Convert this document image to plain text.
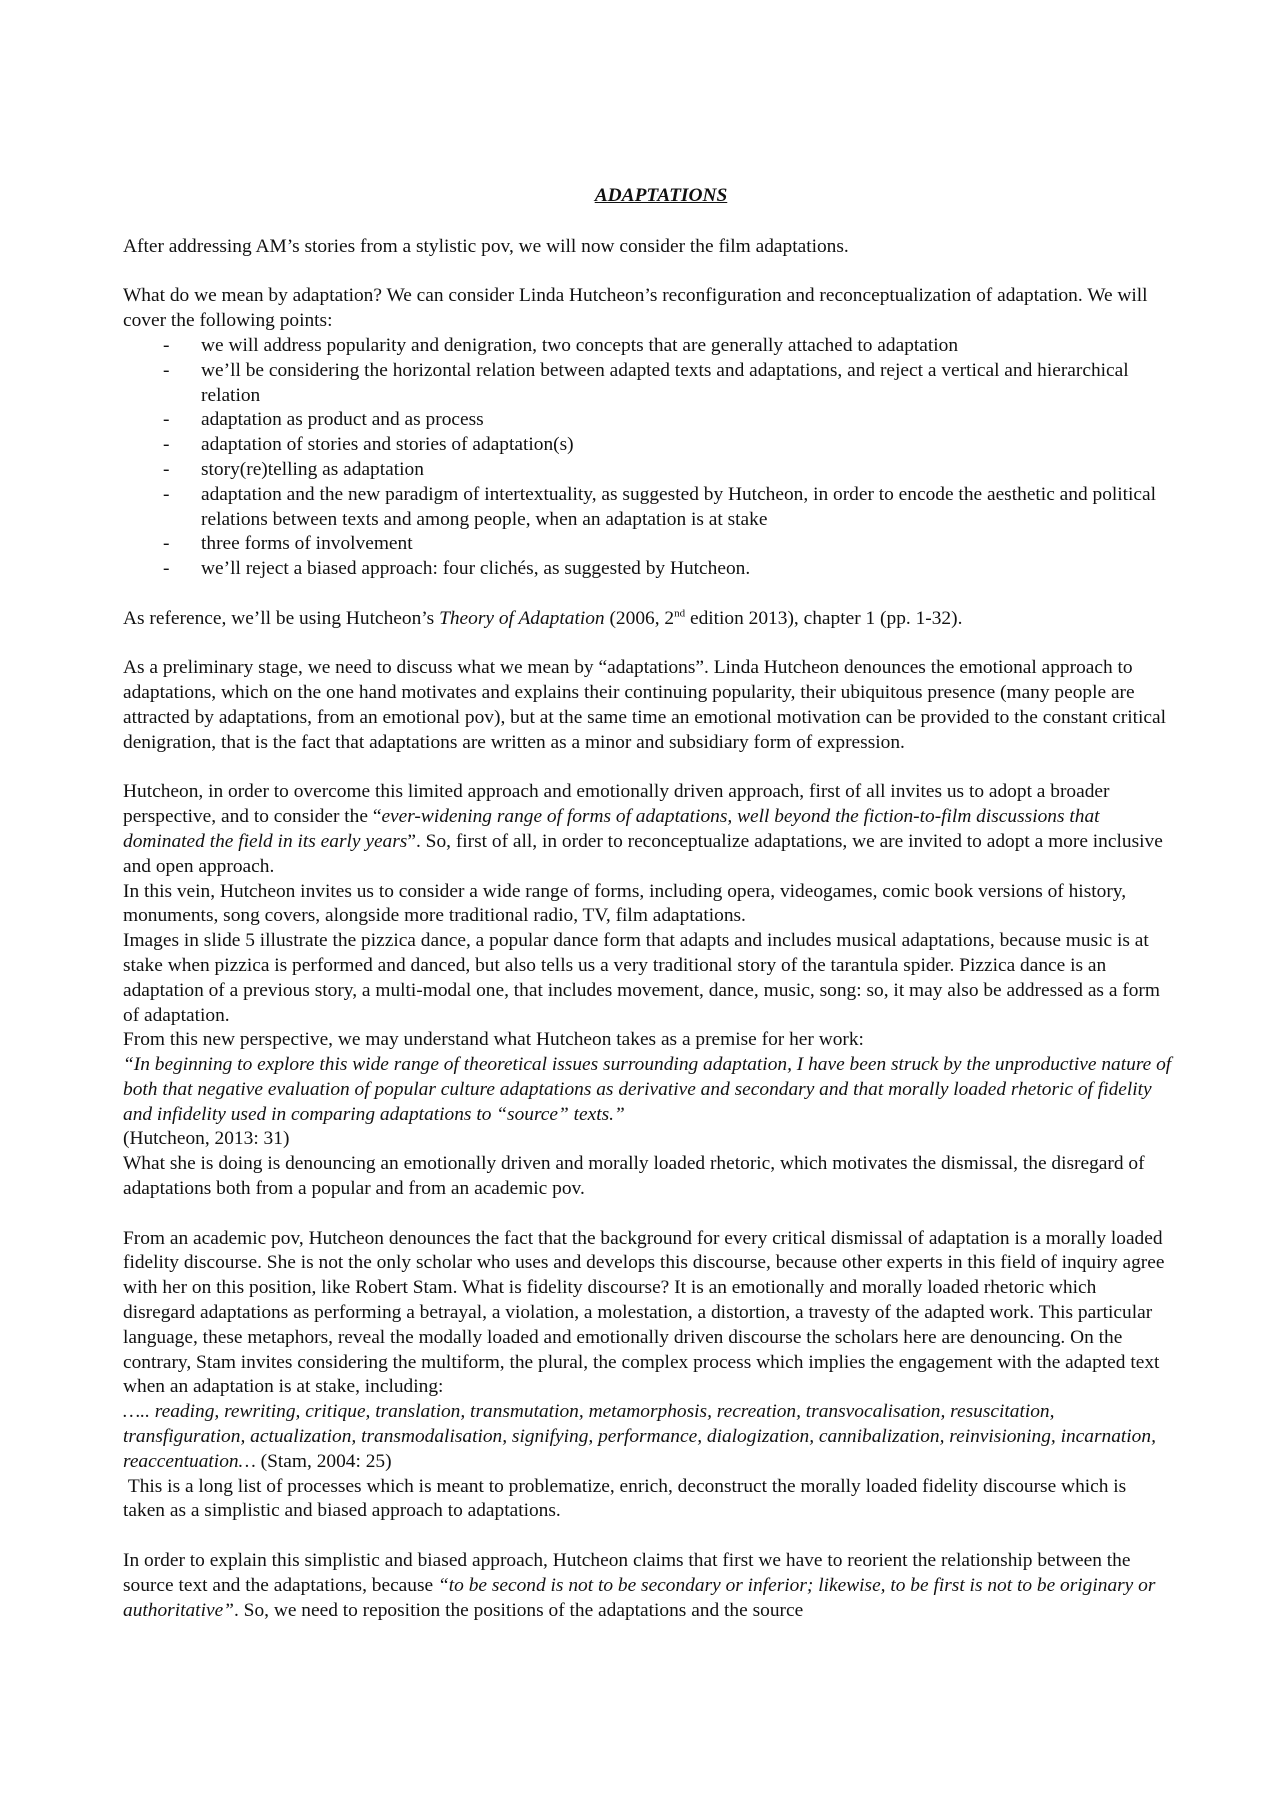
ADAPTATIONS

After addressing AM’s stories from a stylistic pov, we will now consider the film adaptations.

What do we mean by adaptation? We can consider Linda Hutcheon’s reconfiguration and reconceptualization of adaptation. We will cover the following points:

- we will address popularity and denigration, two concepts that are generally attached to adaptation
- we’ll be considering the horizontal relation between adapted texts and adaptations, and reject a vertical and hierarchical relation
- adaptation as product and as process
- adaptation of stories and stories of adaptation(s)
- story(re)telling as adaptation
- adaptation and the new paradigm of intertextuality, as suggested by Hutcheon, in order to encode the aesthetic and political relations between texts and among people, when an adaptation is at stake
- three forms of involvement
- we’ll reject a biased approach: four clichés, as suggested by Hutcheon.

As reference, we’ll be using Hutcheon’s Theory of Adaptation (2006, 2nd edition 2013), chapter 1 (pp. 1-32).

As a preliminary stage, we need to discuss what we mean by “adaptations”. Linda Hutcheon denounces the emotional approach to adaptations, which on the one hand motivates and explains their continuing popularity, their ubiquitous presence (many people are attracted by adaptations, from an emotional pov), but at the same time an emotional motivation can be provided to the constant critical denigration, that is the fact that adaptations are written as a minor and subsidiary form of expression.

Hutcheon, in order to overcome this limited approach and emotionally driven approach, first of all invites us to adopt a broader perspective, and to consider the “ever-widening range of forms of adaptations, well beyond the fiction-to-film discussions that dominated the field in its early years”. So, first of all, in order to reconceptualize adaptations, we are invited to adopt a more inclusive and open approach.

In this vein, Hutcheon invites us to consider a wide range of forms, including opera, videogames, comic book versions of history, monuments, song covers, alongside more traditional radio, TV, film adaptations.

Images in slide 5 illustrate the pizzica dance, a popular dance form that adapts and includes musical adaptations, because music is at stake when pizzica is performed and danced, but also tells us a very traditional story of the tarantula spider. Pizzica dance is an adaptation of a previous story, a multi-modal one, that includes movement, dance, music, song: so, it may also be addressed as a form of adaptation.

From this new perspective, we may understand what Hutcheon takes as a premise for her work:

“In beginning to explore this wide range of theoretical issues surrounding adaptation, I have been struck by the unproductive nature of both that negative evaluation of popular culture adaptations as derivative and secondary and that morally loaded rhetoric of fidelity and infidelity used in comparing adaptations to “source” texts.”

(Hutcheon, 2013: 31)

What she is doing is denouncing an emotionally driven and morally loaded rhetoric, which motivates the dismissal, the disregard of adaptations both from a popular and from an academic pov.

From an academic pov, Hutcheon denounces the fact that the background for every critical dismissal of adaptation is a morally loaded fidelity discourse. She is not the only scholar who uses and develops this discourse, because other experts in this field of inquiry agree with her on this position, like Robert Stam. What is fidelity discourse? It is an emotionally and morally loaded rhetoric which disregard adaptations as performing a betrayal, a violation, a molestation, a distortion, a travesty of the adapted work. This particular language, these metaphors, reveal the modally loaded and emotionally driven discourse the scholars here are denouncing. On the contrary, Stam invites considering the multiform, the plural, the complex process which implies the engagement with the adapted text when an adaptation is at stake, including:

….. reading, rewriting, critique, translation, transmutation, metamorphosis, recreation, transvocalisation, resuscitation, transfiguration, actualization, transmodalisation, signifying, performance, dialogization, cannibalization, reinvisioning, incarnation, reaccentuation… (Stam, 2004: 25)

This is a long list of processes which is meant to problematize, enrich, deconstruct the morally loaded fidelity discourse which is taken as a simplistic and biased approach to adaptations.

In order to explain this simplistic and biased approach, Hutcheon claims that first we have to reorient the relationship between the source text and the adaptations, because “to be second is not to be secondary or inferior; likewise, to be first is not to be originary or authoritative”. So, we need to reposition the positions of the adaptations and the source
